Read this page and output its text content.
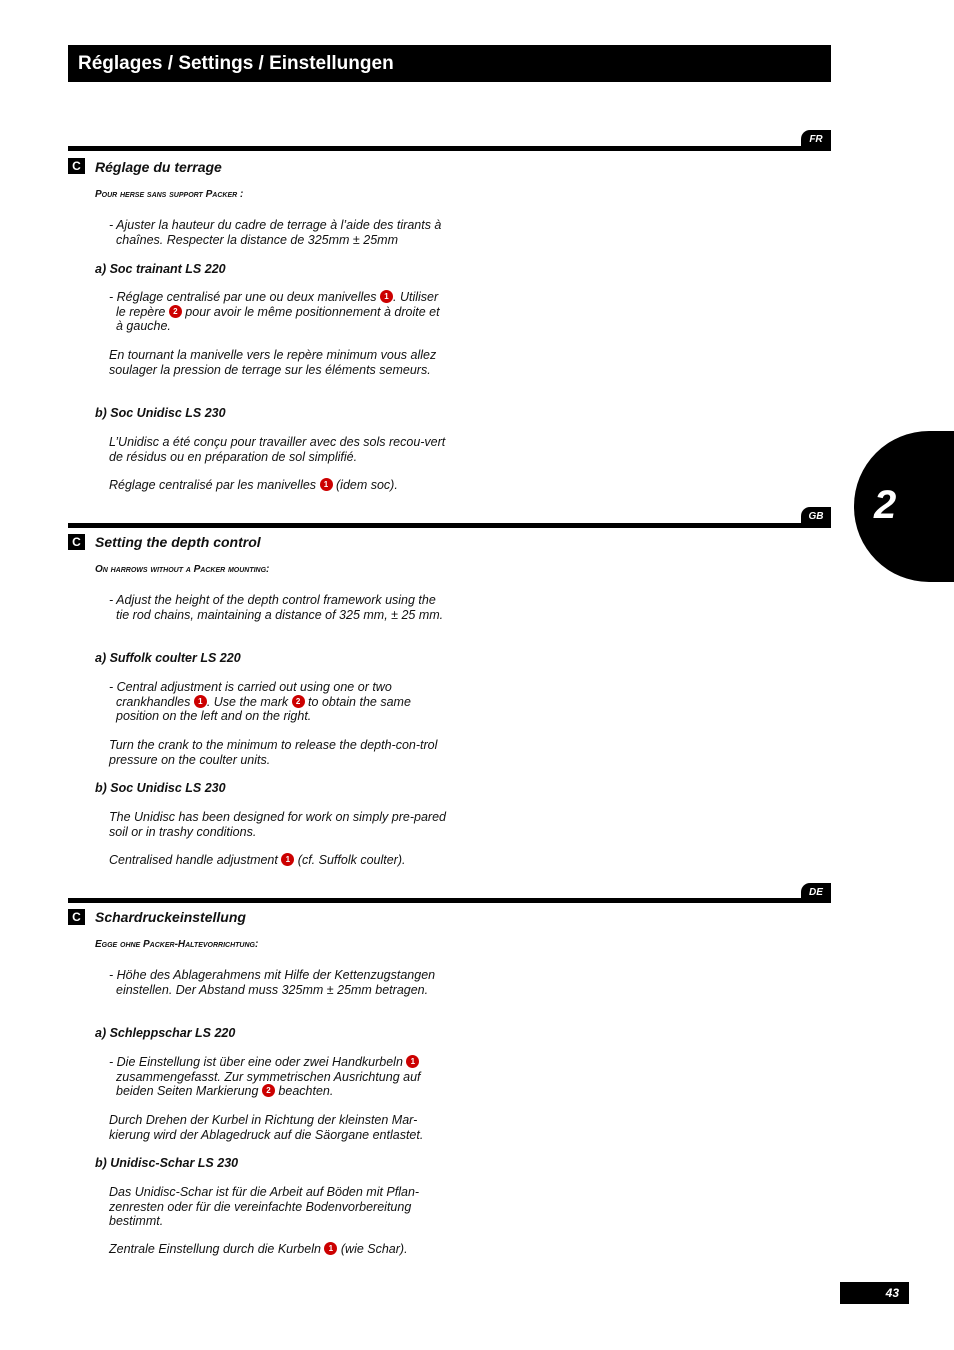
Réglages / Settings / Einstellungen
2
FR
C Réglage du terrage
Pour herse sans support Packer :
- Ajuster la hauteur du cadre de terrage à l’aide des tirants à chaînes. Respecter la distance de 325mm ± 25mm
a) Soc trainant LS 220
- Réglage centralisé par une ou deux manivelles 1 . Utiliser le repère 2 pour avoir le même positionnement à droite et à gauche.
En tournant la manivelle vers le repère minimum vous allez soulager la pression de terrage sur les éléments semeurs.
b) Soc Unidisc LS 230
L’Unidisc a été conçu pour travailler avec des sols recou-vert de résidus ou en préparation de sol simplifié.
Réglage centralisé par les manivelles 1 (idem soc).
GB
C Setting the depth control
On harrows without a Packer mounting:
- Adjust the height of the depth control framework using the tie rod chains, maintaining a distance of 325 mm, ± 25 mm.
a) Suffolk coulter LS 220
- Central adjustment is carried out using one or two crankhandles 1 . Use the mark 2 to obtain the same position on the left and on the right.
Turn the crank to the minimum to release the depth-con-trol pressure on the coulter units.
b) Soc Unidisc LS 230
The Unidisc has been designed for work on simply pre-pared soil or in trashy conditions.
Centralised handle adjustment 1 (cf. Suffolk coulter).
DE
C Schardruckeinstellung
Egge ohne Packer-Haltevorrichtung:
- Höhe des Ablagerahmens mit Hilfe der Kettenzugstangen einstellen. Der Abstand muss 325mm ± 25mm betragen.
a) Schleppschar LS 220
- Die Einstellung ist über eine oder zwei Handkurbeln 1 zusammengefasst. Zur symmetrischen Ausrichtung auf beiden Seiten Markierung 2 beachten.
Durch Drehen der Kurbel in Richtung der kleinsten Mar-kierung wird der Ablagedruck auf die Säorgane entlastet.
b) Unidisc-Schar LS 230
Das Unidisc-Schar ist für die Arbeit auf Böden mit Pflan-zenresten oder für die vereinfachte Bodenvorbereitung bestimmt.
Zentrale Einstellung durch die Kurbeln 1 (wie Schar).
43
